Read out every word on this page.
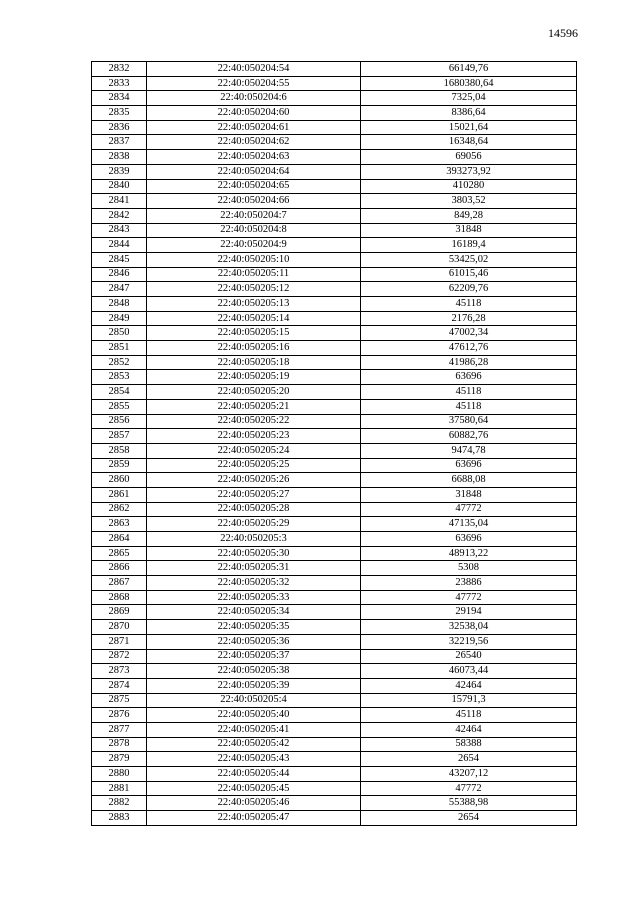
14596
2832	22:40:050204:54	66149,76
2833	22:40:050204:55	1680380,64
2834	22:40:050204:6	7325,04
2835	22:40:050204:60	8386,64
2836	22:40:050204:61	15021,64
2837	22:40:050204:62	16348,64
2838	22:40:050204:63	69056
2839	22:40:050204:64	393273,92
2840	22:40:050204:65	410280
2841	22:40:050204:66	3803,52
2842	22:40:050204:7	849,28
2843	22:40:050204:8	31848
2844	22:40:050204:9	16189,4
2845	22:40:050205:10	53425,02
2846	22:40:050205:11	61015,46
2847	22:40:050205:12	62209,76
2848	22:40:050205:13	45118
2849	22:40:050205:14	2176,28
2850	22:40:050205:15	47002,34
2851	22:40:050205:16	47612,76
2852	22:40:050205:18	41986,28
2853	22:40:050205:19	63696
2854	22:40:050205:20	45118
2855	22:40:050205:21	45118
2856	22:40:050205:22	37580,64
2857	22:40:050205:23	60882,76
2858	22:40:050205:24	9474,78
2859	22:40:050205:25	63696
2860	22:40:050205:26	6688,08
2861	22:40:050205:27	31848
2862	22:40:050205:28	47772
2863	22:40:050205:29	47135,04
2864	22:40:050205:3	63696
2865	22:40:050205:30	48913,22
2866	22:40:050205:31	5308
2867	22:40:050205:32	23886
2868	22:40:050205:33	47772
2869	22:40:050205:34	29194
2870	22:40:050205:35	32538,04
2871	22:40:050205:36	32219,56
2872	22:40:050205:37	26540
2873	22:40:050205:38	46073,44
2874	22:40:050205:39	42464
2875	22:40:050205:4	15791,3
2876	22:40:050205:40	45118
2877	22:40:050205:41	42464
2878	22:40:050205:42	58388
2879	22:40:050205:43	2654
2880	22:40:050205:44	43207,12
2881	22:40:050205:45	47772
2882	22:40:050205:46	55388,98
2883	22:40:050205:47	2654
